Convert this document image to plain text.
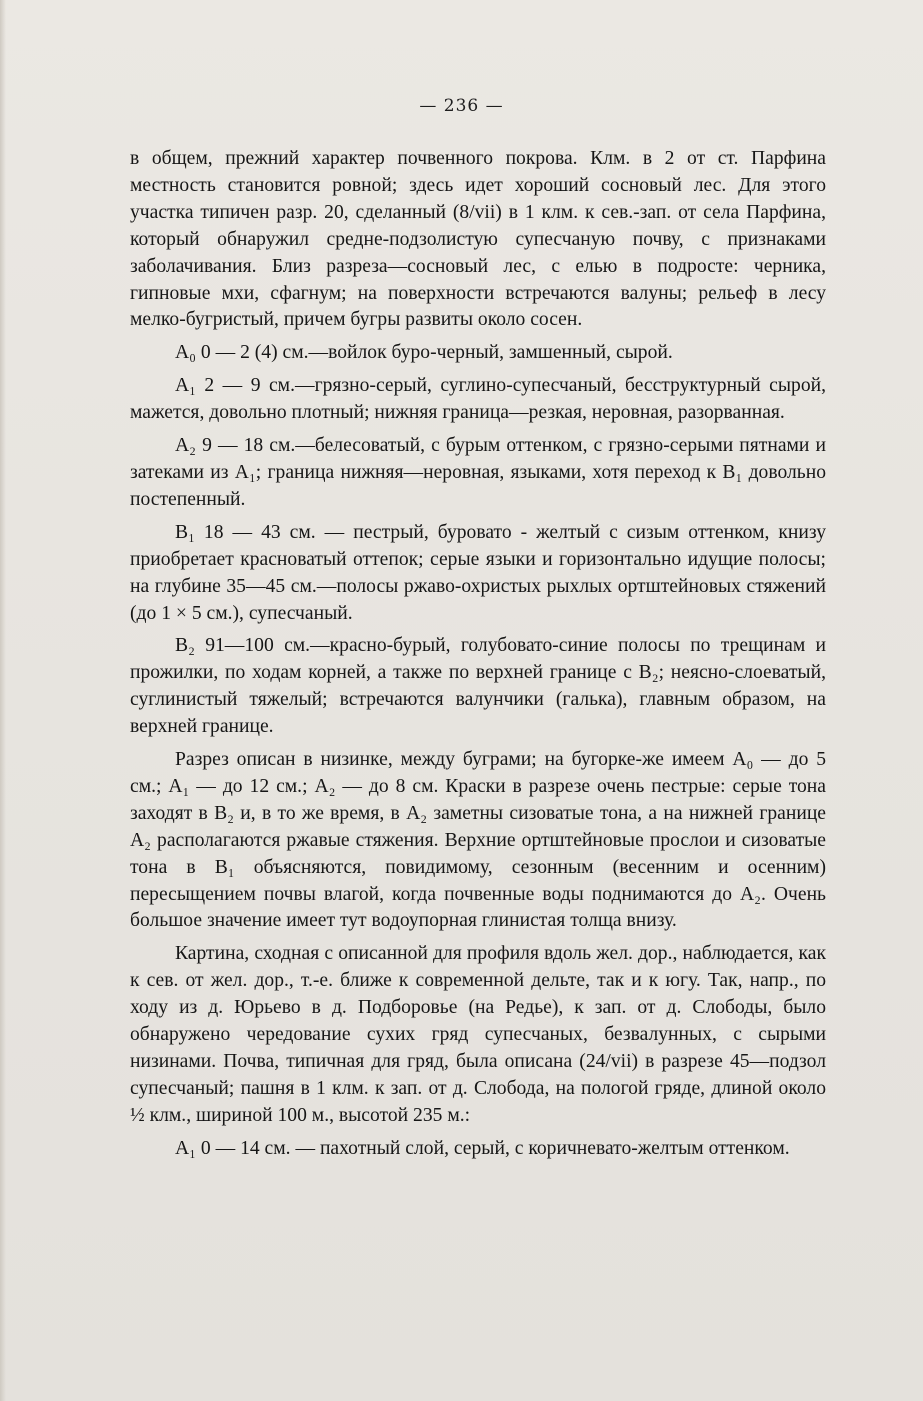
— 236 —

в общем, прежний характер почвенного покрова. Клм. в 2 от ст. Парфина местность становится ровной; здесь идет хороший сосновый лес. Для этого участка типичен разр. 20, сделанный (8/vii) в 1 клм. к сев.-зап. от села Парфина, который обнаружил средне-подзолистую супесчаную почву, с признаками заболачивания. Близ разреза—сосновый лес, с елью в подросте: черника, гипновые мхи, сфагнум; на поверхности встречаются валуны; рельеф в лесу мелко-бугристый, причем бугры развиты около сосен.

A₀ 0 — 2 (4) см.—войлок буро-черный, замшенный, сырой.

A₁ 2 — 9 см.—грязно-серый, суглино-супесчаный, бесструктурный сырой, мажется, довольно плотный; нижняя граница—резкая, неровная, разорванная.

A₂ 9 — 18 см.—белесоватый, с бурым оттенком, с грязно-серыми пятнами и затеками из A₁; граница нижняя—неровная, языками, хотя переход к B₁ довольно постепенный.

B₁ 18 — 43 см. — пестрый, буровато - желтый с сизым оттенком, книзу приобретает красноватый оттепок; серые языки и горизонтально идущие полосы; на глубине 35—45 см.—полосы ржаво-охристых рыхлых ортштейновых стяжений (до 1 × 5 см.), супесчаный.

B₂ 91—100 см.—красно-бурый, голубовато-синие полосы по трещинам и прожилки, по ходам корней, а также по верхней границе с B₂; неясно-слоеватый, суглинистый тяжелый; встречаются валунчики (галька), главным образом, на верхней границе.

Разрез описан в низинке, между буграми; на бугорке-же имеем A₀ — до 5 см.; A₁ — до 12 см.; A₂ — до 8 см. Краски в разрезе очень пестрые: серые тона заходят в B₂ и, в то же время, в A₂ заметны сизоватые тона, а на нижней границе A₂ располагаются ржавые стяжения. Верхние ортштейновые прослои и сизоватые тона в B₁ объясняются, повидимому, сезонным (весенним и осенним) пересыщением почвы влагой, когда почвенные воды поднимаются до A₂. Очень большое значение имеет тут водоупорная глинистая толща внизу.

Картина, сходная с описанной для профиля вдоль жел. дор., наблюдается, как к сев. от жел. дор., т.-е. ближе к современной дельте, так и к югу. Так, напр., по ходу из д. Юрьево в д. Подборовье (на Редье), к зап. от д. Слободы, было обнаружено чередование сухих гряд супесчаных, безвалунных, с сырыми низинами. Почва, типичная для гряд, была описана (24/vii) в разрезе 45—подзол супесчаный; пашня в 1 клм. к зап. от д. Слобода, на пологой гряде, длиной около ½ клм., шириной 100 м., высотой 235 м.:

A₁ 0 — 14 см. — пахотный слой, серый, с коричневато-желтым оттенком.
